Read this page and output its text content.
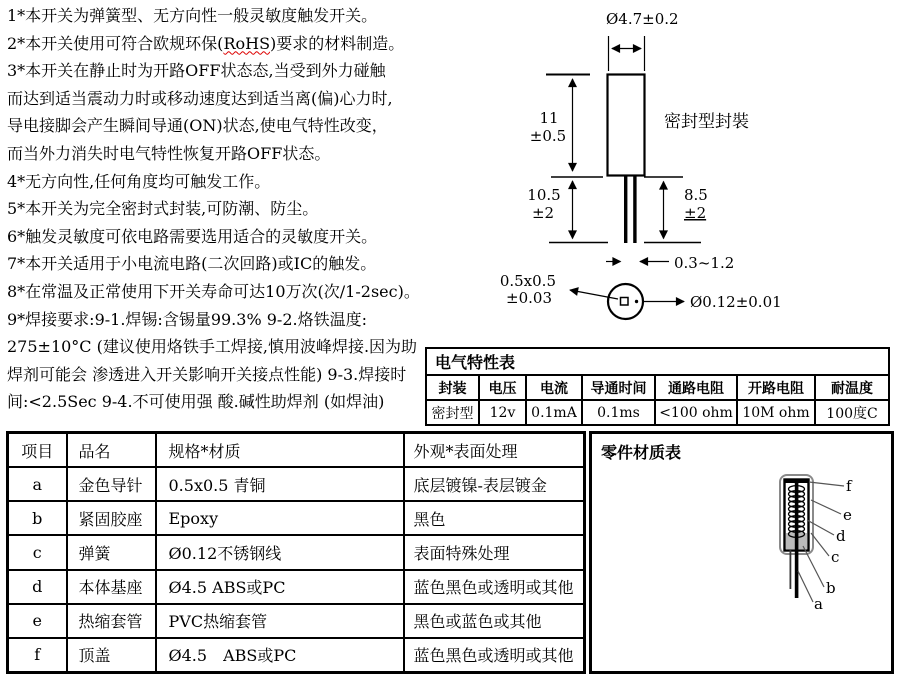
1*本开关为弹簧型、无方向性一般灵敏度触发开关。
2*本开关使用可符合欧规环保(RoHS)要求的材料制造。
3*本开关在静止时为开路OFF状态态,当受到外力碰触
而达到适当震动力时或移动速度达到适当离(偏)心力时,
导电接脚会产生瞬间导通(ON)状态,使电气特性改变，
而当外力消失时电气特性恢复开路OFF状态。
4*无方向性,任何角度均可触发工作。
5*本开关为完全密封式封装,可防潮、防尘。
6*触发灵敏度可依电路需要选用适合的灵敏度开关。
7*本开关适用于小电流电路(二次回路)或IC的触发。
8*在常温及正常使用下开关寿命可达10万次(次/1-2sec)。
9*焊接要求:9-1.焊锡:含锡量99.3% 9-2.烙铁温度:
275±10°C (建议使用烙铁手工焊接,慎用波峰焊接.因为助
焊剂可能会 渗透进入开关影响开关接点性能) 9-3.焊接时
间:<2.5Sec 9-4.不可使用强 酸.碱性助焊剂 (如焊油)
Ø4.7±0.2
密封型封裝
11
±0.5
10.5
±2
8.5
±2
0.3~1.2
0.5x0.5
±0.03	Ø0.12±0.01
电气特性表						
封装	电压	电流	导通时间	通路电阻	开路电阻	耐温度
密封型	12v	0.1mA	0.1ms	<100 ohm	10M ohm	100度C
项目	品名	规格*材质	外观*表面处理
a	金色导针	0.5x0.5 青铜	底层镀镍-表层镀金
b	紧固胶座	Epoxy	黑色
c	弹簧	Ø0.12不锈钢线	表面特殊处理
d	本体基座	Ø4.5 ABS或PC	蓝色黑色或透明或其他
e	热缩套管	PVC热缩套管	黑色或蓝色或其他
f	顶盖	Ø4.5　ABS或PC	蓝色黑色或透明或其他
零件材质表
f
e
d
c
b
a
